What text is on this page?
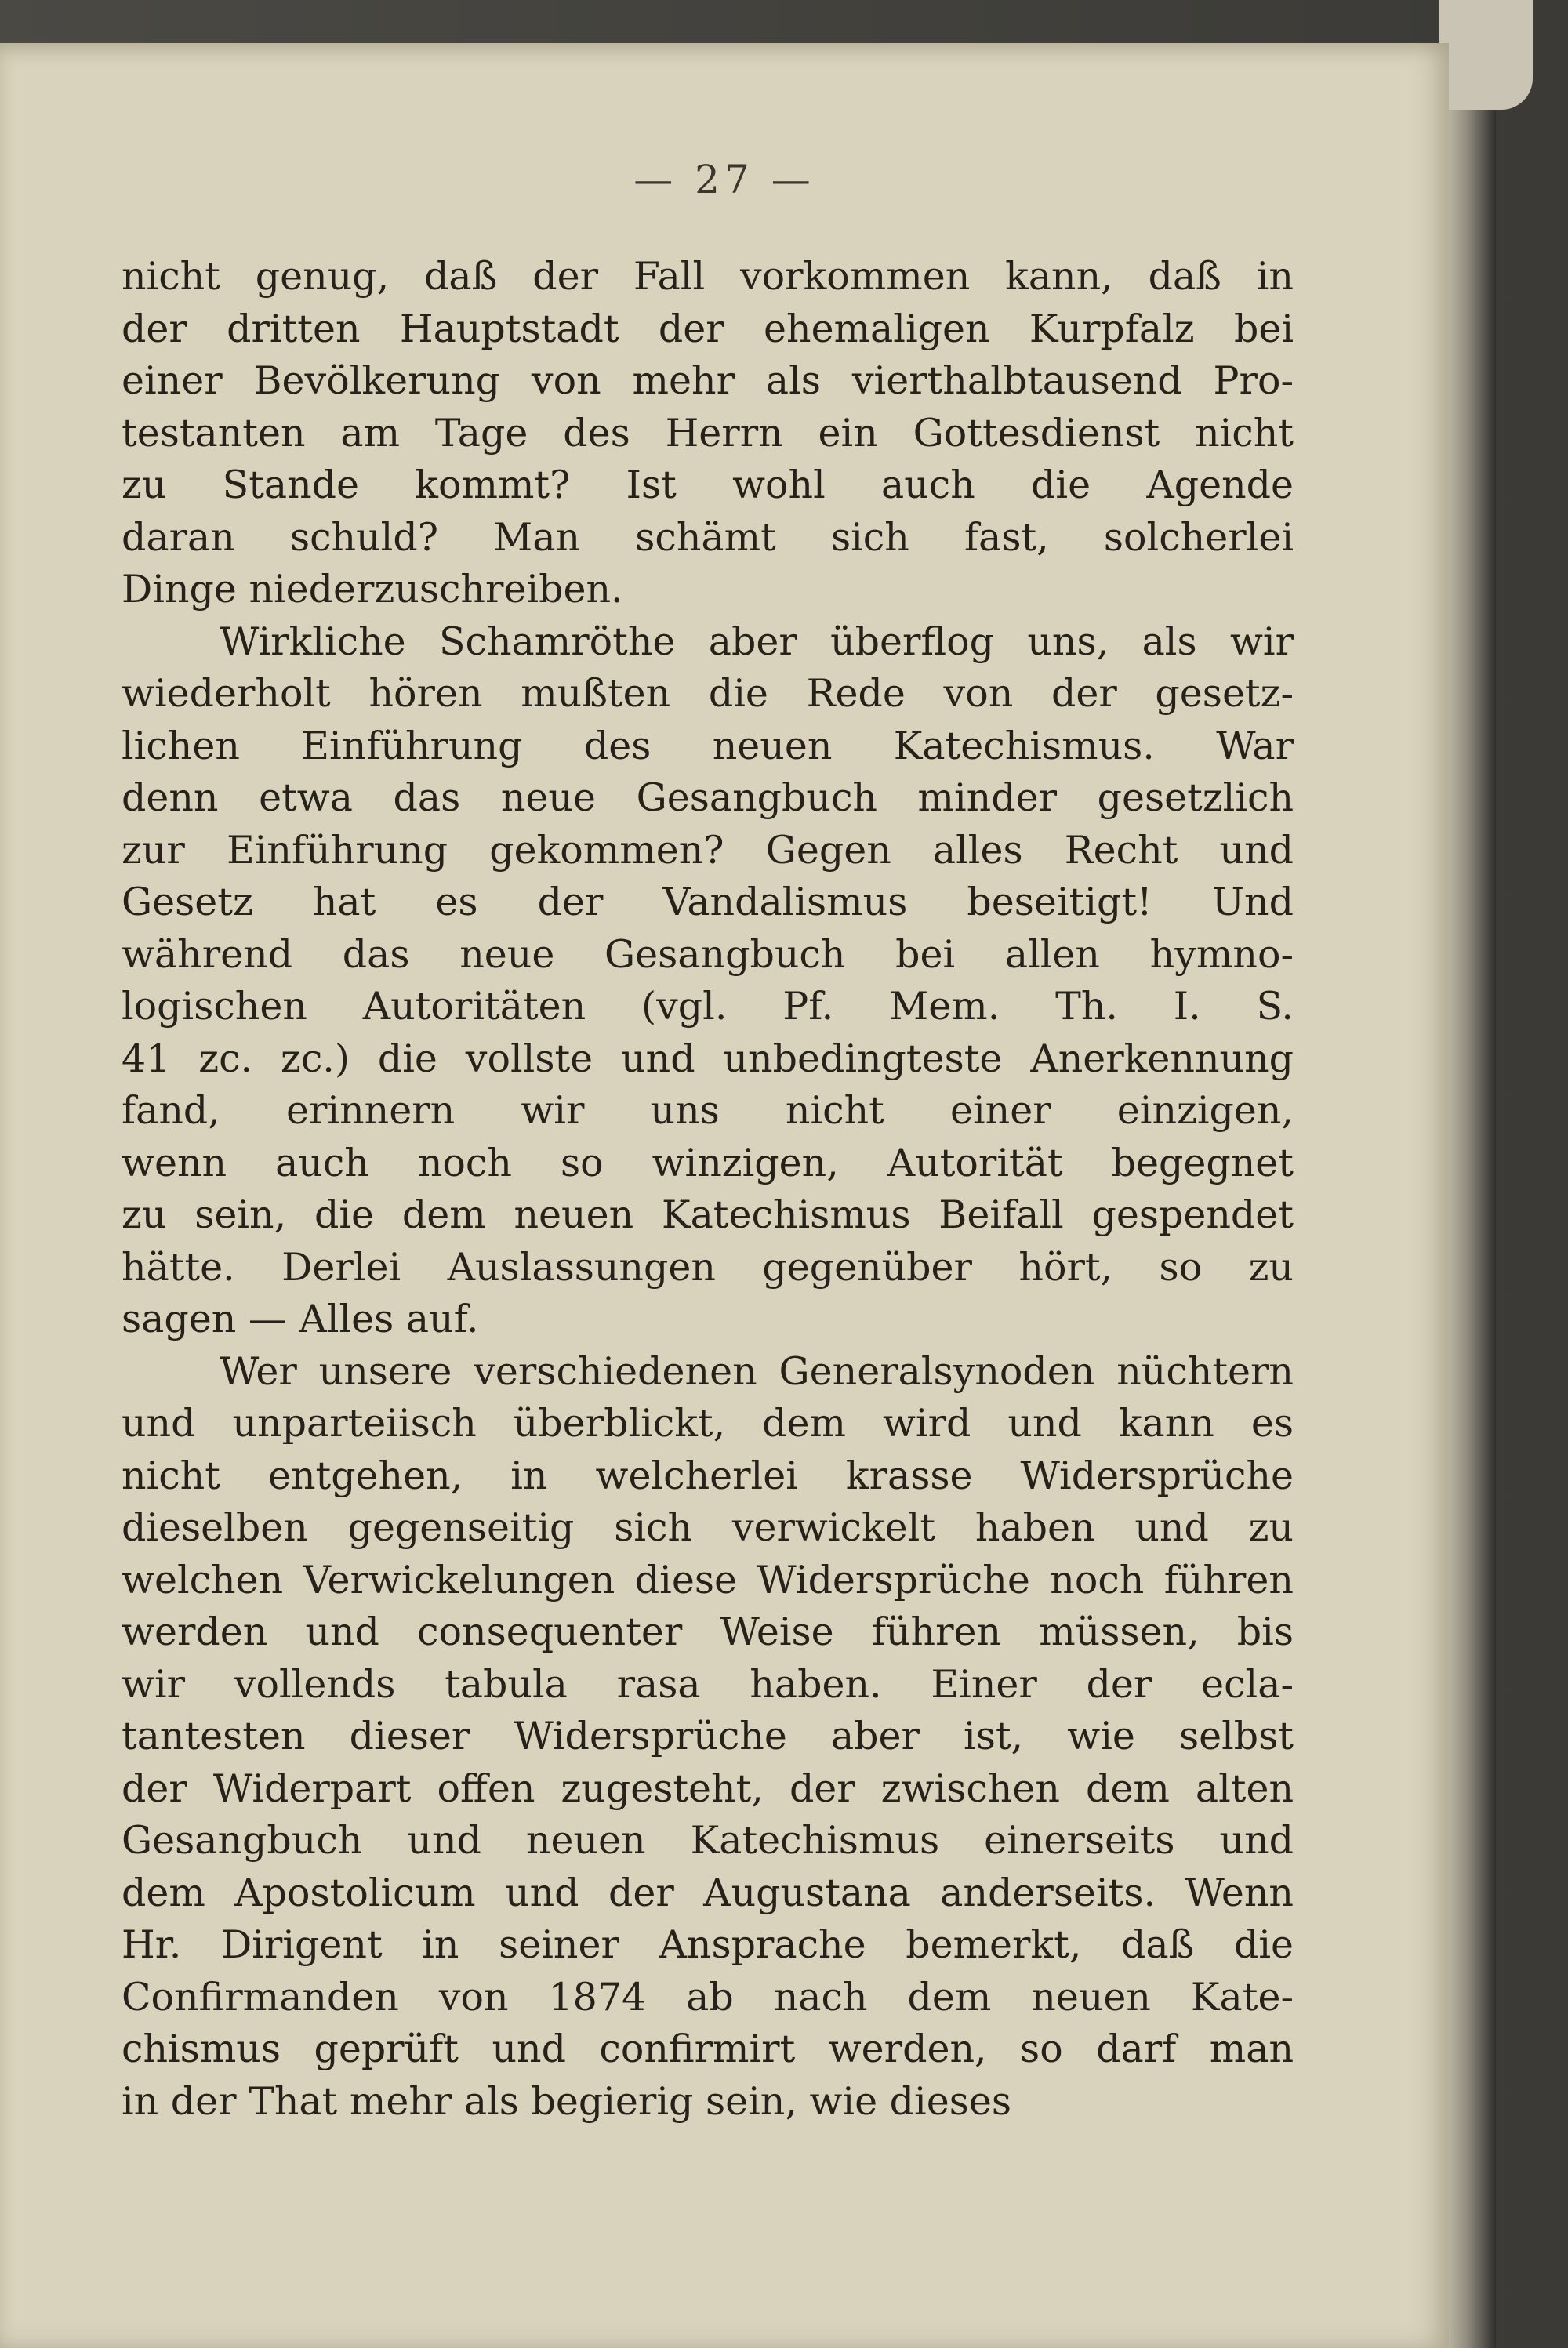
— 27 —
nicht genug, daß der Fall vorkommen kann, daß in
der dritten Hauptstadt der ehemaligen Kurpfalz bei
einer Bevölkerung von mehr als vierthalbtausend Pro-
testanten am Tage des Herrn ein Gottesdienst nicht
zu Stande kommt? Ist wohl auch die Agende
daran schuld? Man schämt sich fast, solcherlei
Dinge niederzuschreiben.
Wirkliche Schamröthe aber überflog uns, als wir
wiederholt hören mußten die Rede von der gesetz-
lichen Einführung des neuen Katechismus. War
denn etwa das neue Gesangbuch minder gesetzlich
zur Einführung gekommen? Gegen alles Recht und
Gesetz hat es der Vandalismus beseitigt! Und
während das neue Gesangbuch bei allen hymno-
logischen Autoritäten (vgl. Pf. Mem. Th. I. S.
41 zc. zc.) die vollste und unbedingteste Anerkennung
fand, erinnern wir uns nicht einer einzigen,
wenn auch noch so winzigen, Autorität begegnet
zu sein, die dem neuen Katechismus Beifall gespendet
hätte. Derlei Auslassungen gegenüber hört, so zu
sagen — Alles auf.
Wer unsere verschiedenen Generalsynoden nüchtern
und unparteiisch überblickt, dem wird und kann es
nicht entgehen, in welcherlei krasse Widersprüche
dieselben gegenseitig sich verwickelt haben und zu
welchen Verwickelungen diese Widersprüche noch führen
werden und consequenter Weise führen müssen, bis
wir vollends tabula rasa haben. Einer der ecla-
tantesten dieser Widersprüche aber ist, wie selbst
der Widerpart offen zugesteht, der zwischen dem alten
Gesangbuch und neuen Katechismus einerseits und
dem Apostolicum und der Augustana anderseits. Wenn
Hr. Dirigent in seiner Ansprache bemerkt, daß die
Confirmanden von 1874 ab nach dem neuen Kate-
chismus geprüft und confirmirt werden, so darf man
in der That mehr als begierig sein, wie dieses
